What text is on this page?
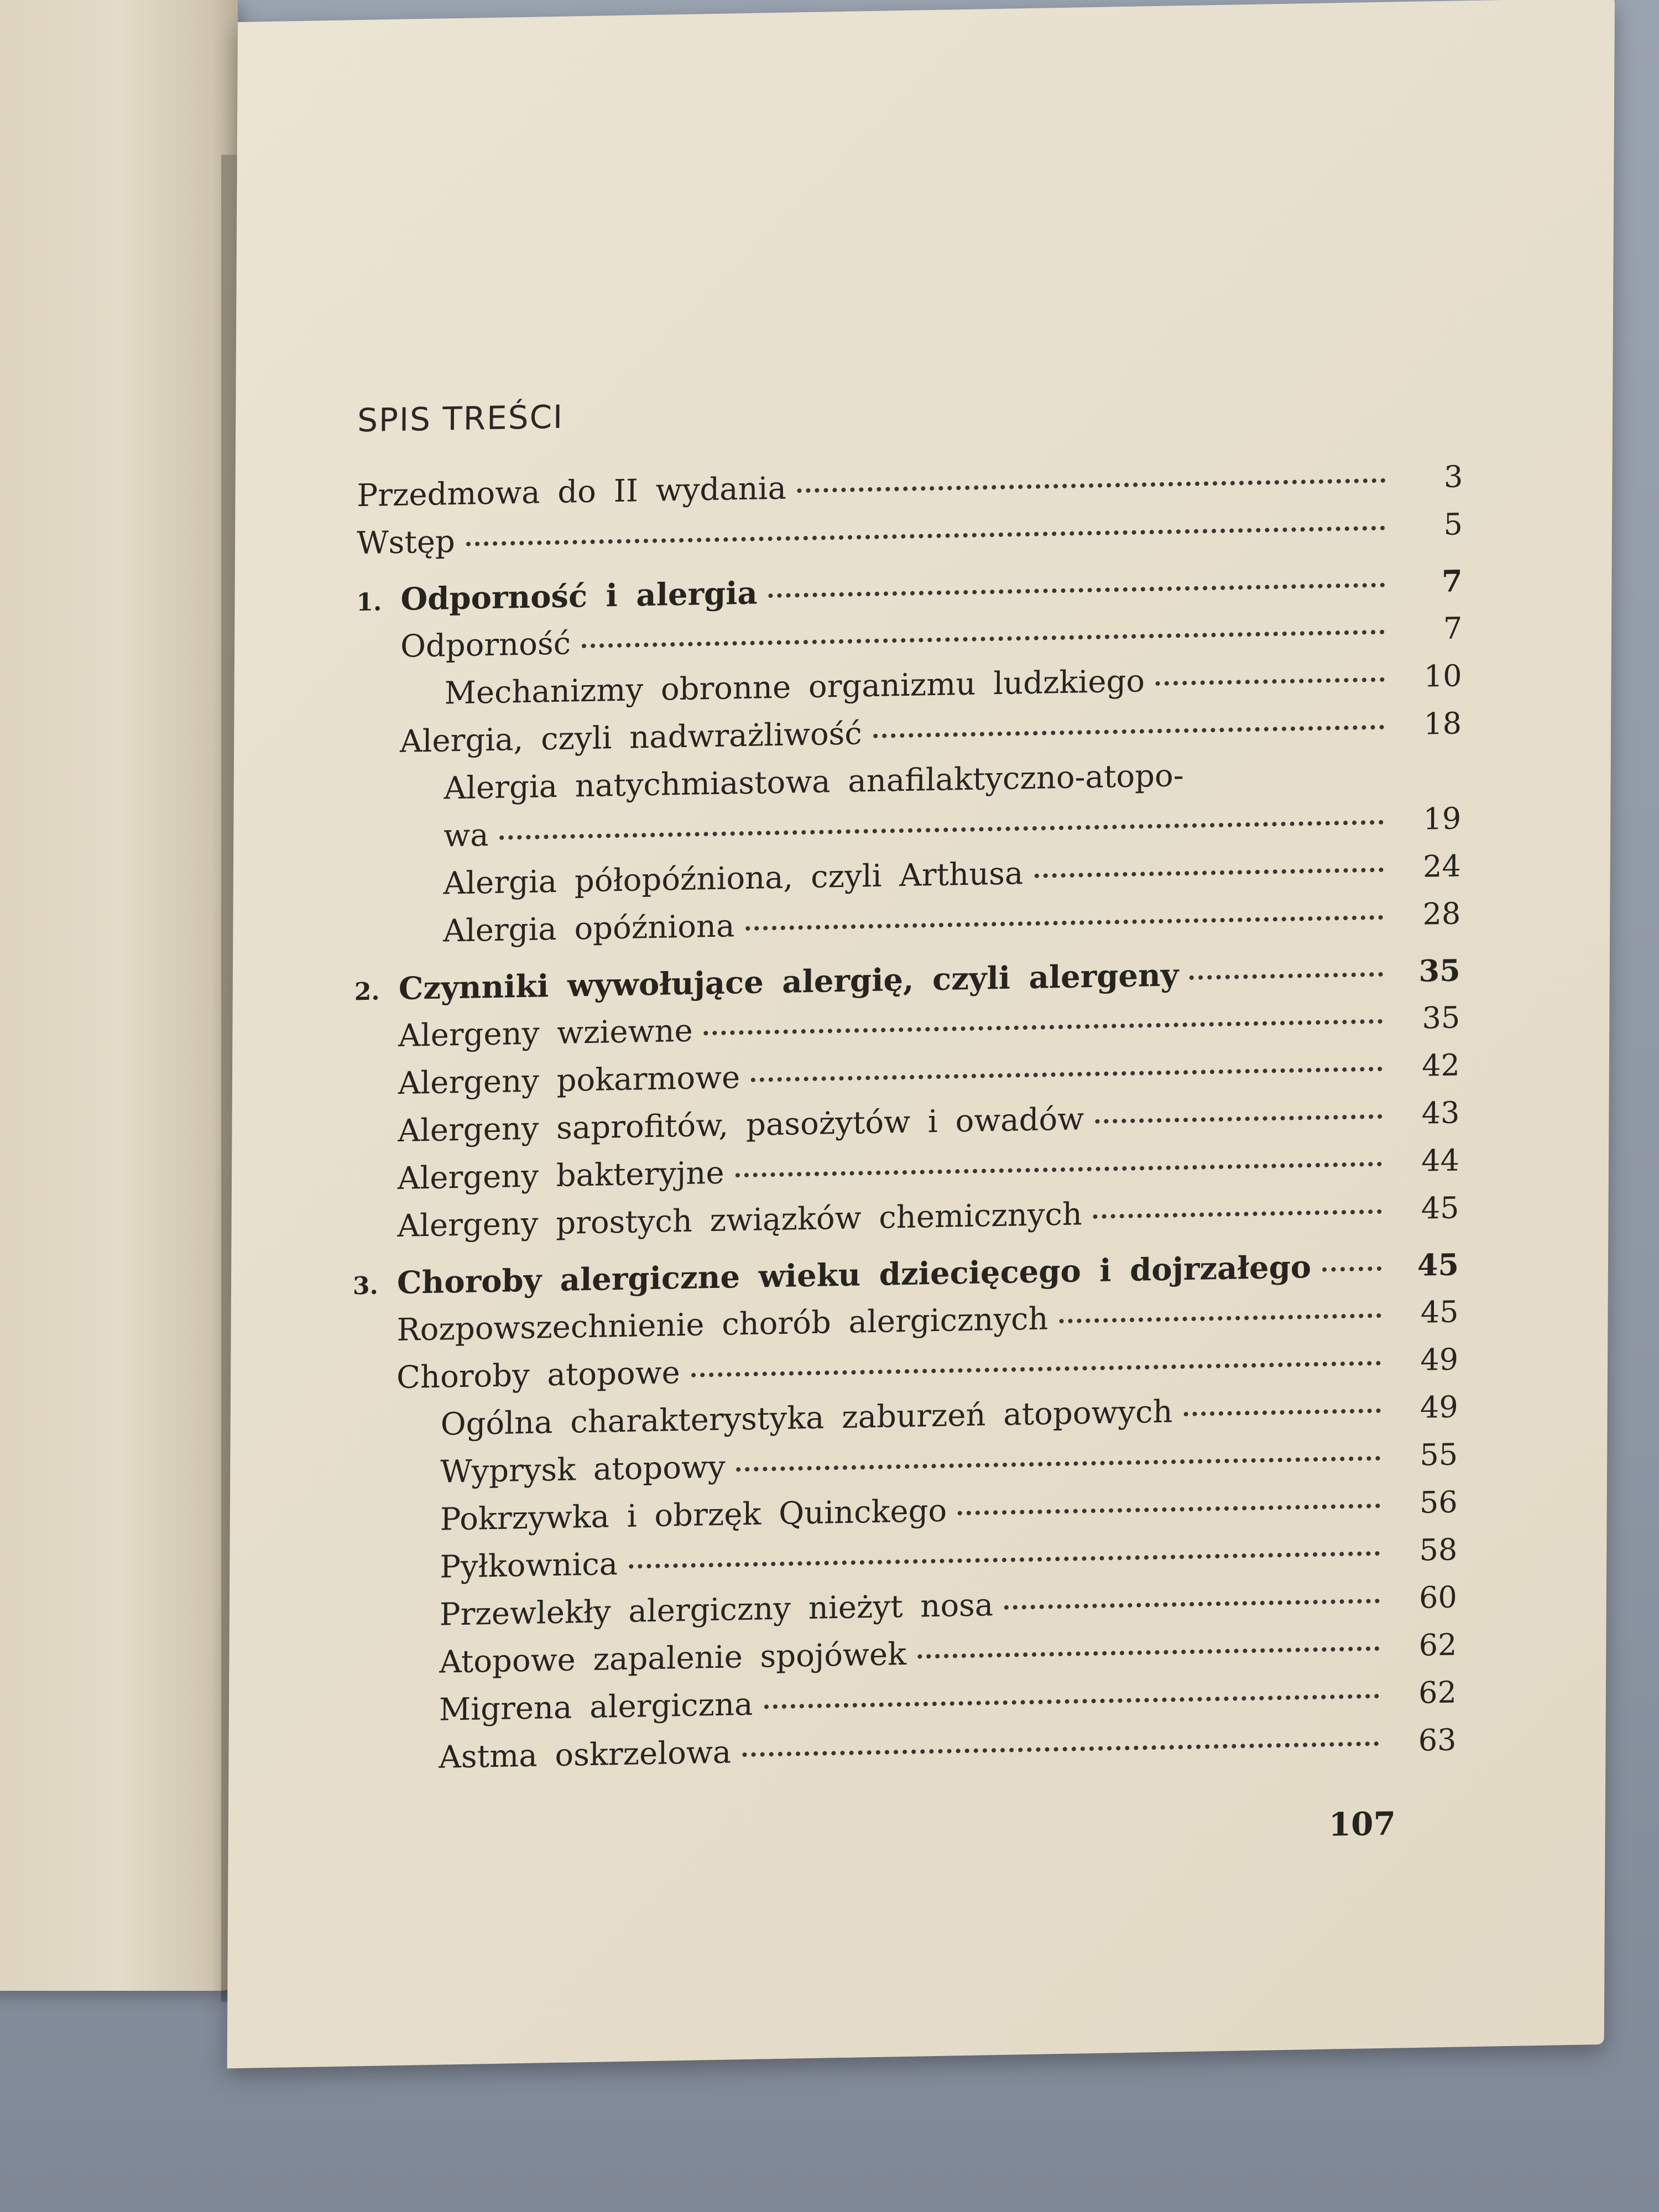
SPIS TREŚCI
Przedmowa do II wydania	3
Wstęp	5
1. Odporność i alergia	7
Odporność	7
Mechanizmy obronne organizmu ludzkiego	10
Alergia, czyli nadwrażliwość	18
Alergia natychmiastowa anafilaktyczno-atopo-
wa	19
Alergia półopóźniona, czyli Arthusa	24
Alergia opóźniona	28
2. Czynniki wywołujące alergię, czyli alergeny	35
Alergeny wziewne	35
Alergeny pokarmowe	42
Alergeny saprofitów, pasożytów i owadów	43
Alergeny bakteryjne	44
Alergeny prostych związków chemicznych	45
3. Choroby alergiczne wieku dziecięcego i dojrzałego	45
Rozpowszechnienie chorób alergicznych	45
Choroby atopowe	49
Ogólna charakterystyka zaburzeń atopowych	49
Wyprysk atopowy	55
Pokrzywka i obrzęk Quinckego	56
Pyłkownica	58
Przewlekły alergiczny nieżyt nosa	60
Atopowe zapalenie spojówek	62
Migrena alergiczna	62
Astma oskrzelowa	63
107
